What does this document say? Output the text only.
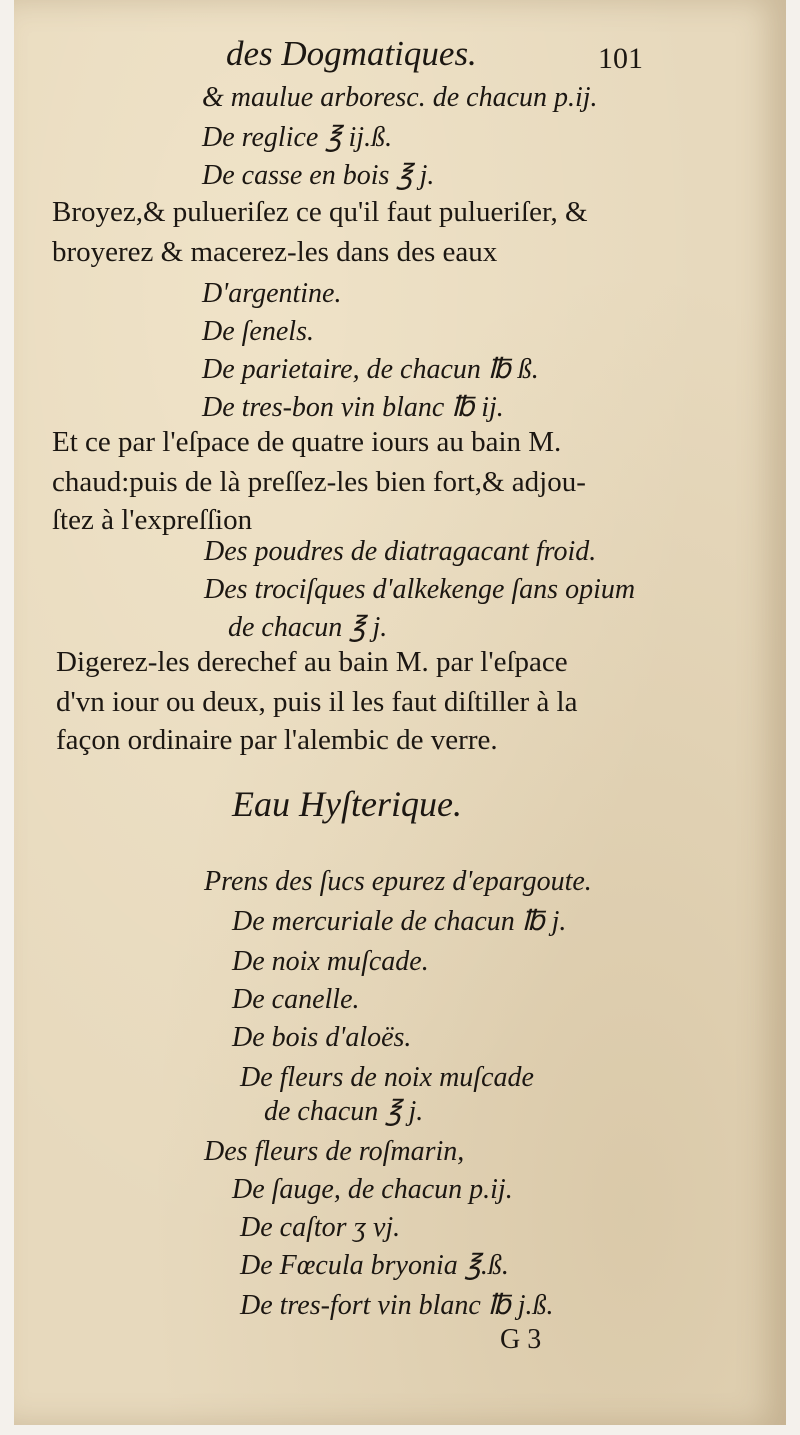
des Dogmatiques.	101
& maulue arboresc. de chacun p.ij.
De reglice ℥ ij.ß.
De casse en bois ℥ j.
Broyez,& pulueriſez ce qu'il faut pulueriſer, &
broyerez & macerez-les dans des eaux
D'argentine.
De ſenels.
De parietaire, de chacun ℔ ß.
De tres-bon vin blanc ℔ ij.
Et ce par l'eſpace de quatre iours au bain M.
chaud:puis de là preſſez-les bien fort,& adjou-
ſtez à l'expreſſion
Des poudres de diatragacant froid.
Des trociſques d'alkekenge ſans opium
de chacun ℥ j.
Digerez-les derechef au bain M. par l'eſpace
d'vn iour ou deux, puis il les faut diſtiller à la
façon ordinaire par l'alembic de verre.
Eau Hyſterique.
Prens des ſucs epurez d'epargoute.
De mercuriale de chacun ℔ j.
De noix muſcade.
De canelle.
De bois d'aloës.
De fleurs de noix muſcade
de chacun ℥ j.
Des fleurs de roſmarin,
De ſauge, de chacun p.ij.
De caſtor ʒ vj.
De Fœcula bryonia ℥.ß.
De tres-fort vin blanc ℔ j.ß.
G 3
